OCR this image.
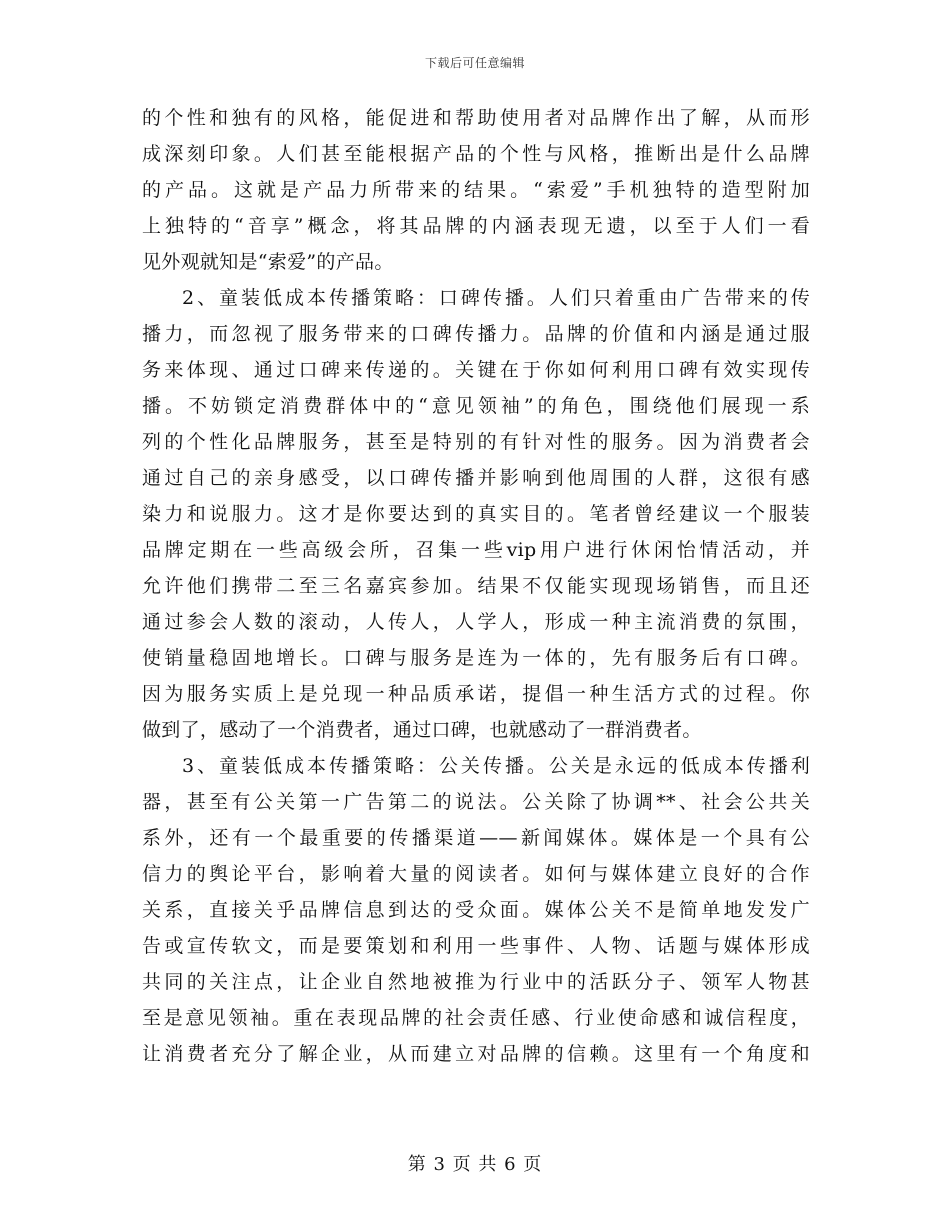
下载后可任意编辑
的个性和独有的风格，能促进和帮助使用者对品牌作出了解，从而形
成深刻印象。人们甚至能根据产品的个性与风格，推断出是什么品牌
的产品。这就是产品力所带来的结果。“索爱”手机独特的造型附加
上独特的“音享”概念，将其品牌的内涵表现无遗，以至于人们一看
见外观就知是“索爱”的产品。
2、童装低成本传播策略：口碑传播。人们只着重由广告带来的传
播力，而忽视了服务带来的口碑传播力。品牌的价值和内涵是通过服
务来体现、通过口碑来传递的。关键在于你如何利用口碑有效实现传
播。不妨锁定消费群体中的“意见领袖”的角色，围绕他们展现一系
列的个性化品牌服务，甚至是特别的有针对性的服务。因为消费者会
通过自己的亲身感受，以口碑传播并影响到他周围的人群，这很有感
染力和说服力。这才是你要达到的真实目的。笔者曾经建议一个服装
品牌定期在一些高级会所，召集一些vip用户进行休闲怡情活动，并
允许他们携带二至三名嘉宾参加。结果不仅能实现现场销售，而且还
通过参会人数的滚动，人传人，人学人，形成一种主流消费的氛围，
使销量稳固地增长。口碑与服务是连为一体的，先有服务后有口碑。
因为服务实质上是兑现一种品质承诺，提倡一种生活方式的过程。你
做到了，感动了一个消费者，通过口碑，也就感动了一群消费者。
3、童装低成本传播策略：公关传播。公关是永远的低成本传播利
器，甚至有公关第一广告第二的说法。公关除了协调**、社会公共关
系外，还有一个最重要的传播渠道——新闻媒体。媒体是一个具有公
信力的舆论平台，影响着大量的阅读者。如何与媒体建立良好的合作
关系，直接关乎品牌信息到达的受众面。媒体公关不是简单地发发广
告或宣传软文，而是要策划和利用一些事件、人物、话题与媒体形成
共同的关注点，让企业自然地被推为行业中的活跃分子、领军人物甚
至是意见领袖。重在表现品牌的社会责任感、行业使命感和诚信程度，
让消费者充分了解企业，从而建立对品牌的信赖。这里有一个角度和
第 3 页 共 6 页
